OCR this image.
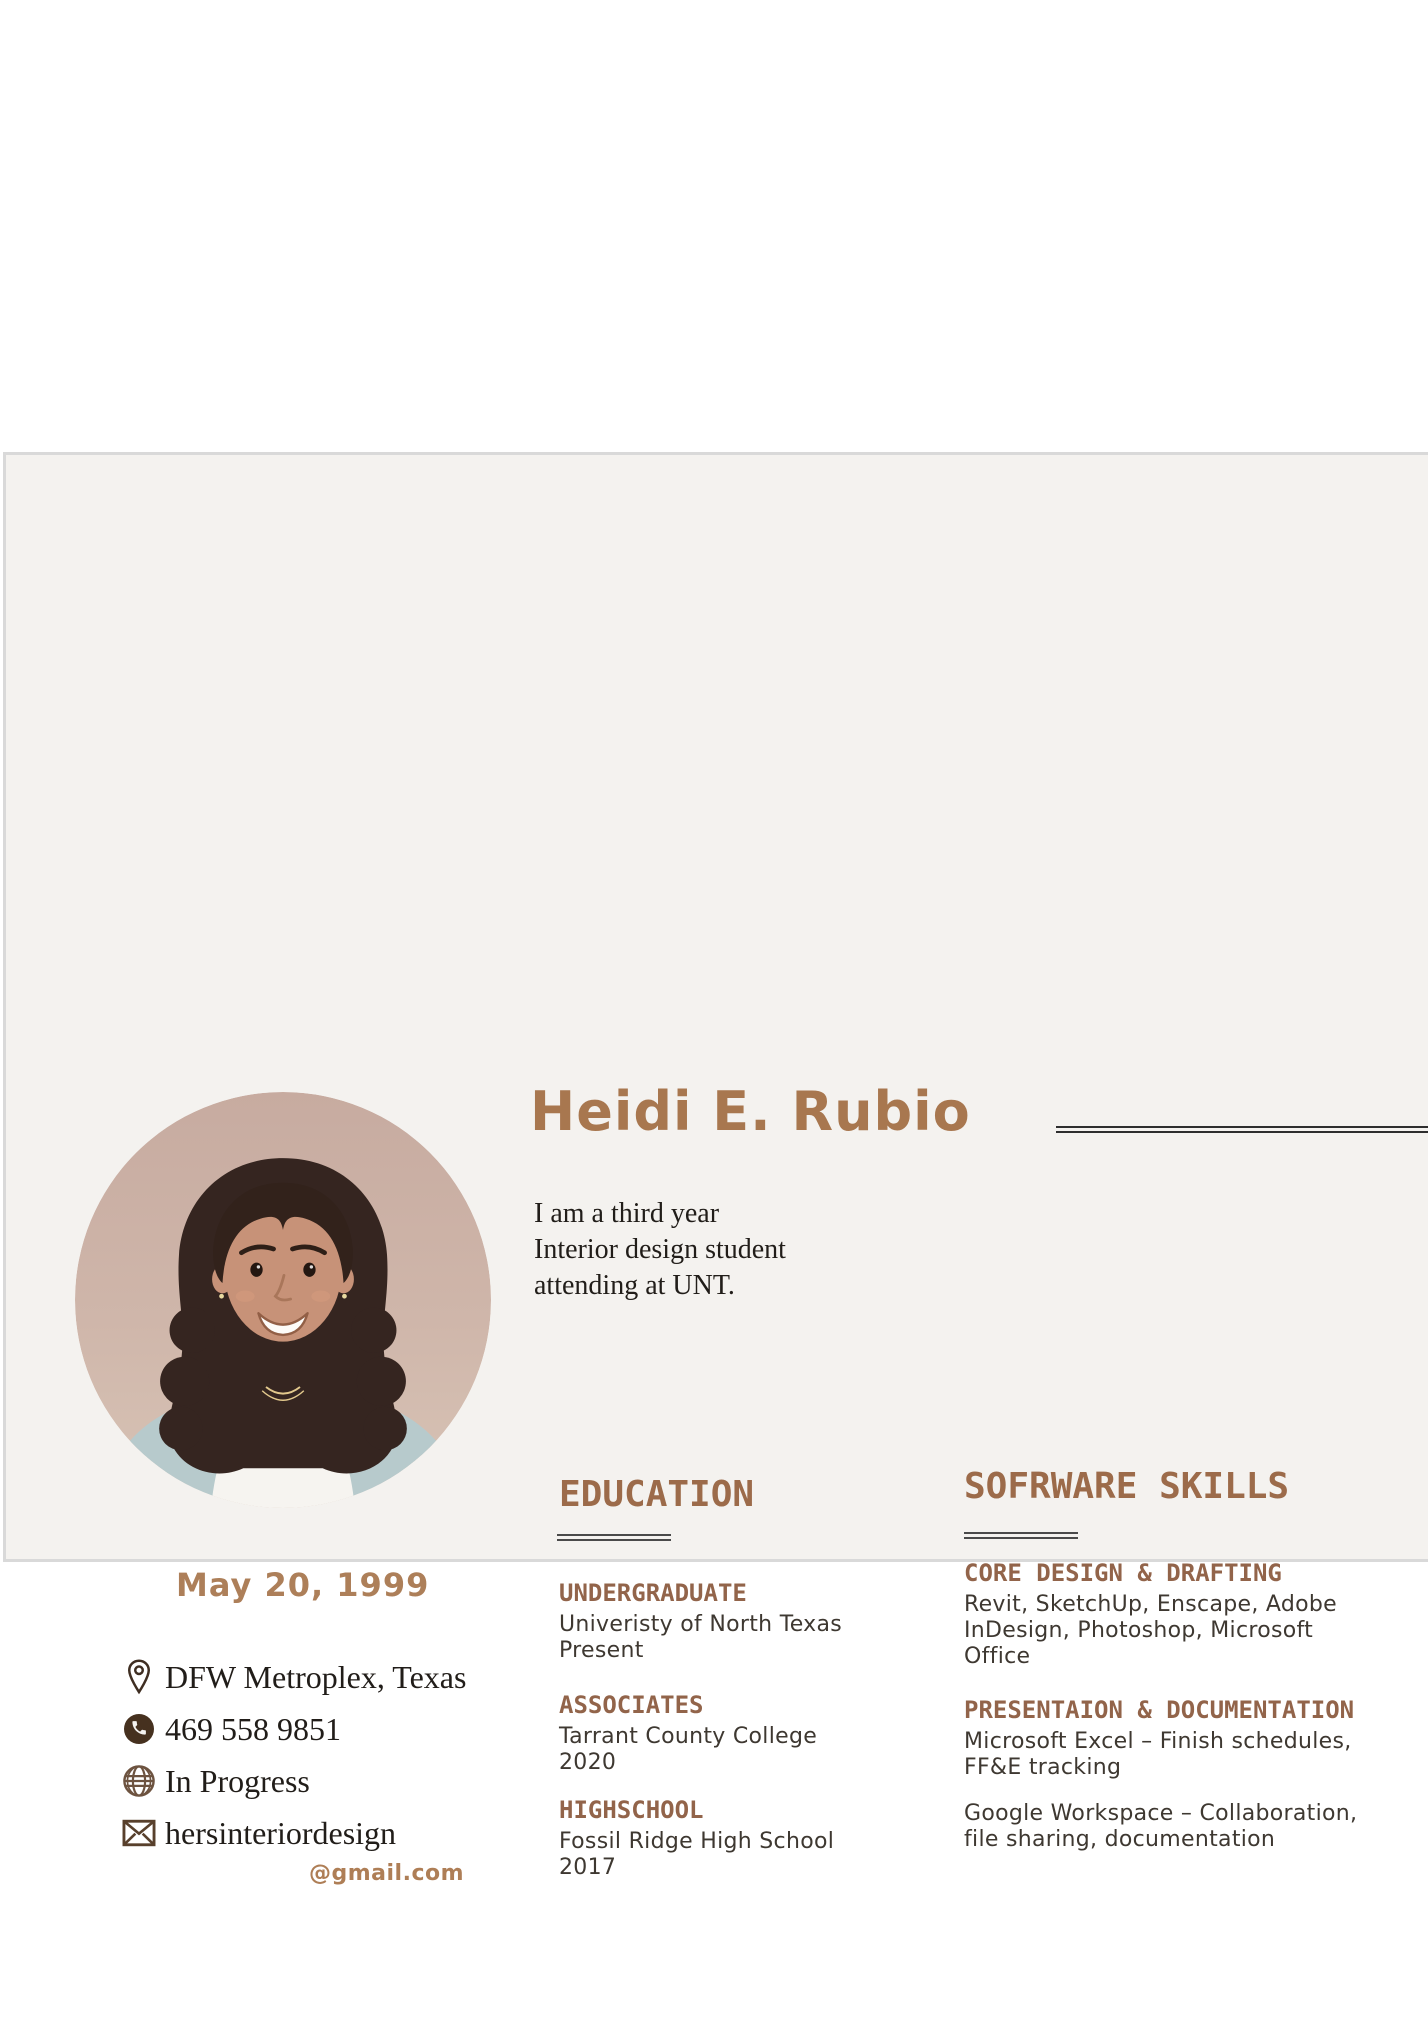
Heidi E. Rubio
I am a third year
Interior design student
attending at UNT.
May 20, 1999
DFW Metroplex, Texas
469 558 9851
In Progress
hersinteriordesign
@gmail.com
EDUCATION
UNDERGRADUATE
Univeristy of North Texas
Present
ASSOCIATES
Tarrant County College
2020
HIGHSCHOOL
Fossil Ridge High School
2017
SOFRWARE SKILLS
CORE DESIGN & DRAFTING
Revit, SketchUp, Enscape, Adobe
InDesign, Photoshop, Microsoft
Office
PRESENTAION & DOCUMENTATION
Microsoft Excel – Finish schedules,
FF&E tracking
Google Workspace – Collaboration,
file sharing, documentation
